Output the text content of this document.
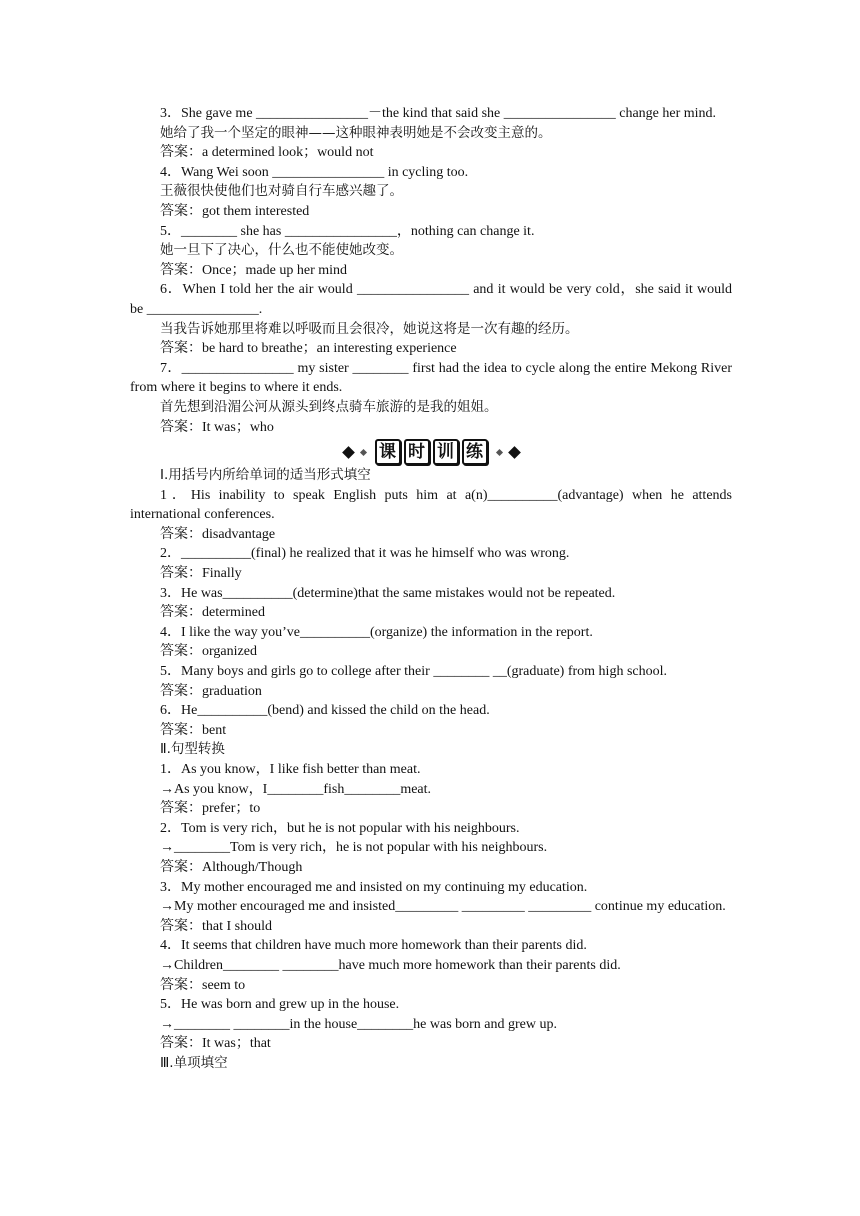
3．She gave me ________________－the kind that said she ________________ change her mind.

她给了我一个坚定的眼神——这种眼神表明她是不会改变主意的。

答案：a determined look；would not

4．Wang Wei soon ________________ in cycling too.

王薇很快使他们也对骑自行车感兴趣了。

答案：got them interested

5．________ she has ________________，nothing can change it.

她一旦下了决心，什么也不能使她改变。

答案：Once；made up her mind

6．When I told her the air would ________________ and it would be very cold，she said it would be ________________.

当我告诉她那里将难以呼吸而且会很冷，她说这将是一次有趣的经历。

答案：be hard to breathe；an interesting experience

7．________________ my sister ________ first had the idea to cycle along the entire Mekong River from where it begins to where it ends.

首先想到沿湄公河从源头到终点骑车旅游的是我的姐姐。

答案：It was；who

课 时 训 练

Ⅰ.用括号内所给单词的适当形式填空

1．His inability to speak English puts him at a(n)__________(advantage) when he attends international conferences.

答案：disadvantage

2．__________(final) he realized that it was he himself who was wrong.

答案：Finally

3．He was__________(determine)that the same mistakes would not be repeated.

答案：determined

4．I like the way you’ve__________(organize) the information in the report.

答案：organized

5．Many boys and girls go to college after their ________ __(graduate) from high school.

答案：graduation

6．He__________(bend) and kissed the child on the head.

答案：bent

Ⅱ.句型转换

1．As you know，I like fish better than meat.

→As you know，I________fish________meat.

答案：prefer；to

2．Tom is very rich，but he is not popular with his neighbours.

→________Tom is very rich，he is not popular with his neighbours.

答案：Although/Though

3．My mother encouraged me and insisted on my continuing my education.

→My mother encouraged me and insisted_________ _________ _________ continue my education.

答案：that I should

4．It seems that children have much more homework than their parents did.

→Children________ ________have much more homework than their parents did.

答案：seem to

5．He was born and grew up in the house.

→________ ________in the house________he was born and grew up.

答案：It was；that

Ⅲ.单项填空
